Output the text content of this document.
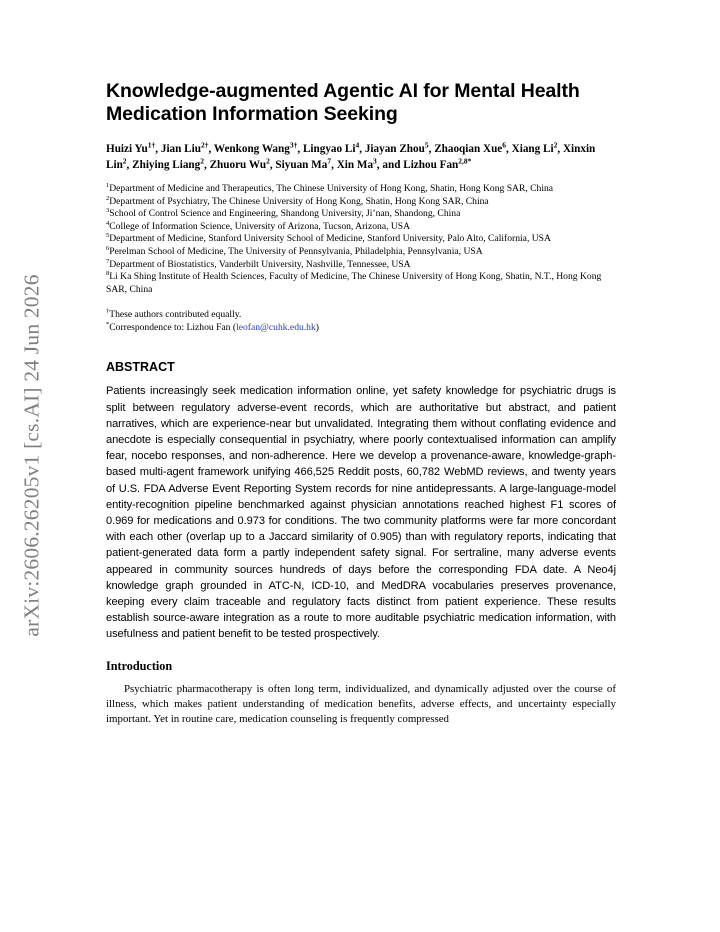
arXiv:2606.26205v1 [cs.AI] 24 Jun 2026
Knowledge-augmented Agentic AI for Mental Health Medication Information Seeking
Huizi $Yu^{1\dagger}$, Jian Liu$^{2\dagger}$, Wenkong Wang$^{3\dagger}$, Lingyao Li$^4$, Jiayan Zhou$^5$, Zhaoqian Xue$^6$, Xiang Li$^2$, Xinxin Lin$^2$, Zhiying Liang$^2$, Zhuoru Wu$^2$, Siyuan Ma$^7$, Xin Ma$^3$, and Lizhou Fan$^{2,8*}$
$^1$Department of Medicine and Therapeutics, The Chinese University of Hong Kong, Shatin, Hong Kong SAR, China
$^2$Department of Psychiatry, The Chinese University of Hong Kong, Shatin, Hong Kong SAR, China
$^3$School of Control Science and Engineering, Shandong University, Ji’nan, Shandong, China
$^4$College of Information Science, University of Arizona, Tucson, Arizona, USA
$^5$Department of Medicine, Stanford University School of Medicine, Stanford University, Palo Alto, California, USA
$^6$Perelman School of Medicine, The University of Pennsylvania, Philadelphia, Pennsylvania, USA
$^7$Department of Biostatistics, Vanderbilt University, Nashville, Tennessee, USA
$^8$Li Ka Shing Institute of Health Sciences, Faculty of Medicine, The Chinese University of Hong Kong, Shatin, N.T., Hong Kong SAR, China
†These authors contributed equally.
*Correspondence to: Lizhou Fan (leofan@cuhk.edu.hk)
ABSTRACT
Patients increasingly seek medication information online, yet safety knowledge for psychiatric drugs is split between regulatory adverse-event records, which are authoritative but abstract, and patient narratives, which are experience-near but unvalidated. Integrating them without conflating evidence and anecdote is especially consequential in psychiatry, where poorly contextualised information can amplify fear, nocebo responses, and non-adherence. Here we develop a provenance-aware, knowledge-graph-based multi-agent framework unifying 466,525 Reddit posts, 60,782 WebMD reviews, and twenty years of U.S. FDA Adverse Event Reporting System records for nine antidepressants. A large-language-model entity-recognition pipeline benchmarked against physician annotations reached highest F1 scores of 0.969 for medications and 0.973 for conditions. The two community platforms were far more concordant with each other (overlap up to a Jaccard similarity of 0.905) than with regulatory reports, indicating that patient-generated data form a partly independent safety signal. For sertraline, many adverse events appeared in community sources hundreds of days before the corresponding FDA date. A Neo4j knowledge graph grounded in ATC-N, ICD-10, and MedDRA vocabularies preserves provenance, keeping every claim traceable and regulatory facts distinct from patient experience. These results establish source-aware integration as a route to more auditable psychiatric medication information, with usefulness and patient benefit to be tested prospectively.
Introduction
Psychiatric pharmacotherapy is often long term, individualized, and dynamically adjusted over the course of illness, which makes patient understanding of medication benefits, adverse effects, and uncertainty especially important. Yet in routine care, medication counseling is frequently compressed
